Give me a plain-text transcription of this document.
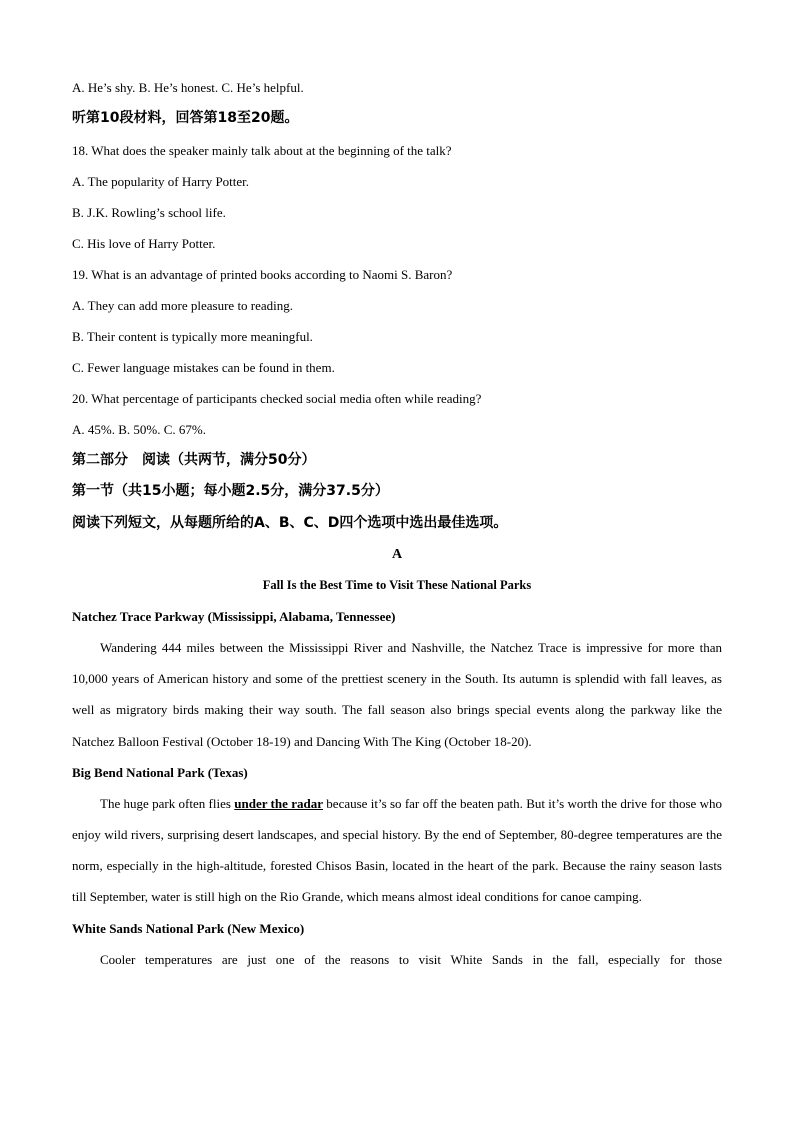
A. He’s shy. B. He’s honest. C. He’s helpful.
听第10段材料，回答第18至20题。
18. What does the speaker mainly talk about at the beginning of the talk?
A. The popularity of Harry Potter.
B. J.K. Rowling’s school life.
C. His love of Harry Potter.
19. What is an advantage of printed books according to Naomi S. Baron?
A. They can add more pleasure to reading.
B. Their content is typically more meaningful.
C. Fewer language mistakes can be found in them.
20. What percentage of participants checked social media often while reading?
A. 45%. B. 50%. C. 67%.
第二部分　阅读（共两节，满分50分）
第一节（共15小题；每小题2.5分，满分37.5分）
阅读下列短文，从每题所给的A、B、C、D四个选项中选出最佳选项。
A
Fall Is the Best Time to Visit These National Parks
Natchez Trace Parkway (Mississippi, Alabama, Tennessee)
Wandering 444 miles between the Mississippi River and Nashville, the Natchez Trace is impressive for more than 10,000 years of American history and some of the prettiest scenery in the South. Its autumn is splendid with fall leaves, as well as migratory birds making their way south. The fall season also brings special events along the parkway like the Natchez Balloon Festival (October 18-19) and Dancing With The King (October 18-20).
Big Bend National Park (Texas)
The huge park often flies under the radar because it’s so far off the beaten path. But it’s worth the drive for those who enjoy wild rivers, surprising desert landscapes, and special history. By the end of September, 80-degree temperatures are the norm, especially in the high-altitude, forested Chisos Basin, located in the heart of the park. Because the rainy season lasts till September, water is still high on the Rio Grande, which means almost ideal conditions for canoe camping.
White Sands National Park (New Mexico)
Cooler temperatures are just one of the reasons to visit White Sands in the fall, especially for those
